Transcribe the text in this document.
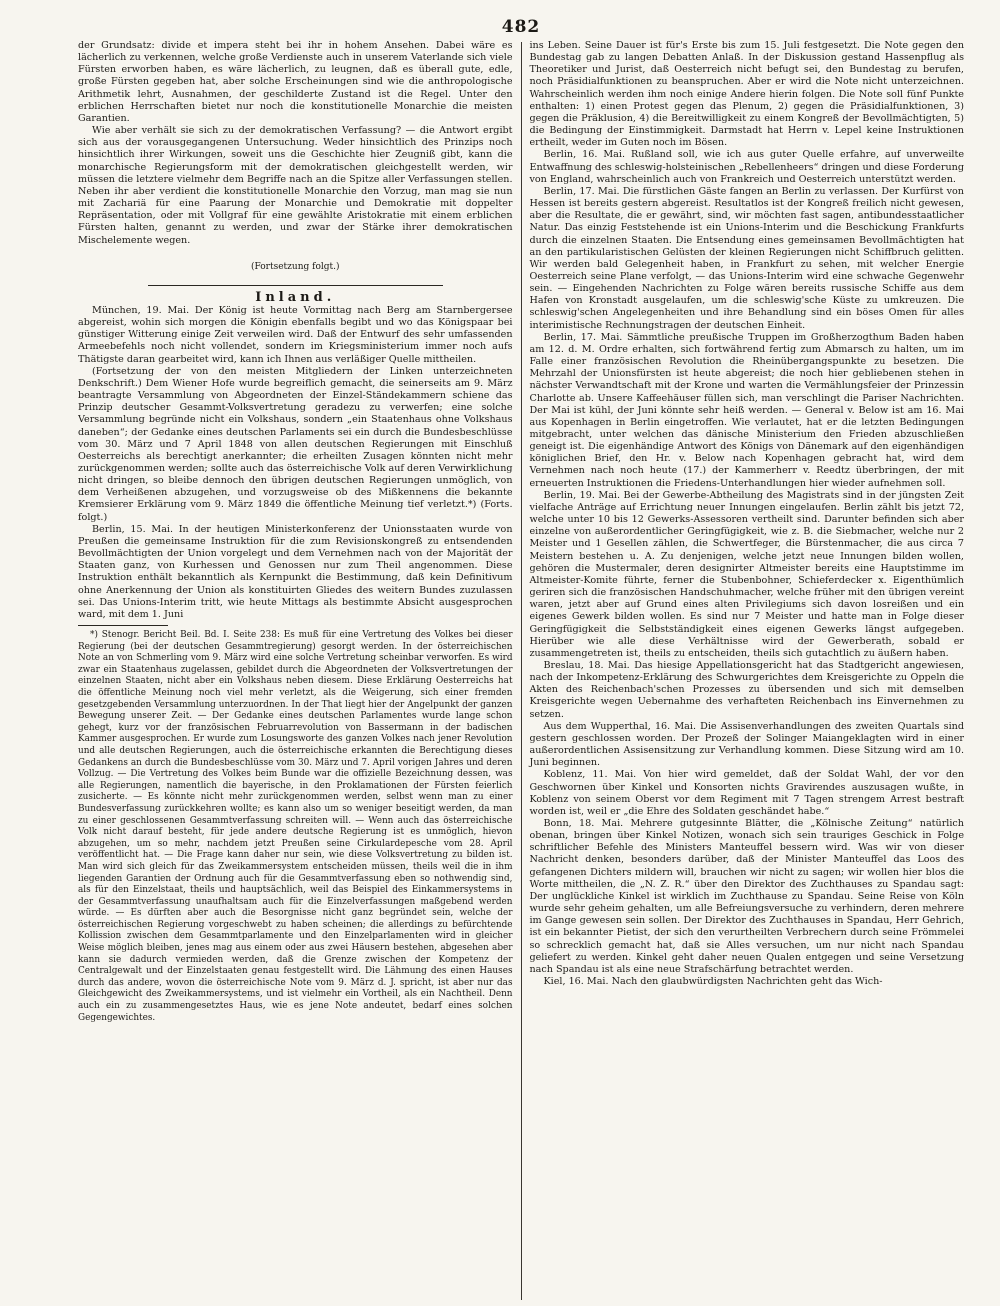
482

der Grundsatz: divide et impera steht bei ihr in hohem Ansehen. Dabei wäre es lächerlich zu verkennen, welche große Verdienste auch in unserem Vaterlande sich viele Fürsten erworben haben, es wäre lächerlich, zu leugnen, daß es überall gute, edle, große Fürsten gegeben hat, aber solche Erscheinungen sind wie die anthropologische Arithmetik lehrt, Ausnahmen, der geschilderte Zustand ist die Regel. Unter den erblichen Herrschaften bietet nur noch die konstitutionelle Monarchie die meisten Garantien.

Wie aber verhält sie sich zu der demokratischen Verfassung? — die Antwort ergibt sich aus der vorausgegangenen Untersuchung. Weder hinsichtlich des Prinzips noch hinsichtlich ihrer Wirkungen, soweit uns die Geschichte hier Zeugniß gibt, kann die monarchische Regierungsform mit der demokratischen gleichgestellt werden, wir müssen die letztere vielmehr dem Begriffe nach an die Spitze aller Verfassungen stellen. Neben ihr aber verdient die konstitutionelle Monarchie den Vorzug, man mag sie nun mit Zachariä für eine Paarung der Monarchie und Demokratie mit doppelter Repräsentation, oder mit Vollgraf für eine gewählte Aristokratie mit einem erblichen Fürsten halten, genannt zu werden, und zwar der Stärke ihrer demokratischen Mischelemente wegen.

(Fortsetzung folgt.)

Inland.

München, 19. Mai. Der König ist heute Vormittag nach Berg am Starnbergersee abgereist, wohin sich morgen die Königin ebenfalls begibt und wo das Königspaar bei günstiger Witterung einige Zeit verweilen wird. Daß der Entwurf des sehr umfassenden Armeebefehls noch nicht vollendet, sondern im Kriegsministerium immer noch aufs Thätigste daran gearbeitet wird, kann ich Ihnen aus verläßiger Quelle mittheilen.

(Fortsetzung der von den meisten Mitgliedern der Linken unterzeichneten Denkschrift.) Dem Wiener Hofe wurde begreiflich gemacht, die seinerseits am 9. März beantragte Versammlung von Abgeordneten der Einzel-Ständekammern schiene das Prinzip deutscher Gesammt-Volksvertretung geradezu zu verwerfen; eine solche Versammlung begründe nicht ein Volkshaus, sondern „ein Staatenhaus ohne Volkshaus daneben“; der Gedanke eines deutschen Parlaments sei ein durch die Bundesbeschlüsse vom 30. März und 7 April 1848 von allen deutschen Regierungen mit Einschluß Oesterreichs als berechtigt anerkannter; die erheilten Zusagen könnten nicht mehr zurückgenommen werden; sollte auch das österreichische Volk auf deren Verwirklichung nicht dringen, so bleibe dennoch den übrigen deutschen Regierungen unmöglich, von dem Verheißenen abzugehen, und vorzugsweise ob des Mißkennens die bekannte Kremsierer Erklärung vom 9. März 1849 die öffentliche Meinung tief verletzt.*) (Forts. folgt.)

Berlin, 15. Mai. In der heutigen Ministerkonferenz der Unionsstaaten wurde von Preußen die gemeinsame Instruktion für die zum Revisionskongreß zu entsendenden Bevollmächtigten der Union vorgelegt und dem Vernehmen nach von der Majorität der Staaten ganz, von Kurhessen und Genossen nur zum Theil angenommen. Diese Instruktion enthält bekanntlich als Kernpunkt die Bestimmung, daß kein Definitivum ohne Anerkennung der Union als konstituirten Gliedes des weitern Bundes zuzulassen sei. Das Unions-Interim tritt, wie heute Mittags als bestimmte Absicht ausgesprochen ward, mit dem 1. Juni

*) Stenogr. Bericht Beil. Bd. I. Seite 238: Es muß für eine Vertretung des Volkes bei dieser Regierung (bei der deutschen Gesammtregierung) gesorgt werden. In der österreichischen Note an von Schmerling vom 9. März wird eine solche Vertretung scheinbar verworfen. Es wird zwar ein Staatenhaus zugelassen, gebildet durch die Abgeordneten der Volksvertretungen der einzelnen Staaten, nicht aber ein Volkshaus neben diesem. Diese Erklärung Oesterreichs hat die öffentliche Meinung noch viel mehr verletzt, als die Weigerung, sich einer fremden gesetzgebenden Versammlung unterzuordnen. In der That liegt hier der Angelpunkt der ganzen Bewegung unserer Zeit. — Der Gedanke eines deutschen Parlamentes wurde lange schon gehegt, kurz vor der französischen Februarrevolution von Bassermann in der badischen Kammer ausgesprochen. Er wurde zum Losungsworte des ganzen Volkes nach jener Revolution und alle deutschen Regierungen, auch die österreichische erkannten die Berechtigung dieses Gedankens an durch die Bundesbeschlüsse vom 30. März und 7. April vorigen Jahres und deren Vollzug. — Die Vertretung des Volkes beim Bunde war die offizielle Bezeichnung dessen, was alle Regierungen, namentlich die bayerische, in den Proklamationen der Fürsten feierlich zusicherte. — Es könnte nicht mehr zurückgenommen werden, selbst wenn man zu einer Bundesverfassung zurückkehren wollte; es kann also um so weniger beseitigt werden, da man zu einer geschlossenen Gesammtverfassung schreiten will. — Wenn auch das österreichische Volk nicht darauf besteht, für jede andere deutsche Regierung ist es unmöglich, hievon abzugehen, um so mehr, nachdem jetzt Preußen seine Cirkulardepesche vom 28. April veröffentlicht hat. — Die Frage kann daher nur sein, wie diese Volksvertretung zu bilden ist. Man wird sich gleich für das Zweikammersystem entscheiden müssen, theils weil die in ihm liegenden Garantien der Ordnung auch für die Gesammtverfassung eben so nothwendig sind, als für den Einzelstaat, theils und hauptsächlich, weil das Beispiel des Einkammersystems in der Gesammtverfassung unaufhaltsam auch für die Einzelverfassungen maßgebend werden würde. — Es dürften aber auch die Besorgnisse nicht ganz begründet sein, welche der österreichischen Regierung vorgeschwebt zu haben scheinen; die allerdings zu befürchtende Kollission zwischen dem Gesammtparlamente und den Einzelparlamenten wird in gleicher Weise möglich bleiben, jenes mag aus einem oder aus zwei Häusern bestehen, abgesehen aber kann sie dadurch vermieden werden, daß die Grenze zwischen der Kompetenz der Centralgewalt und der Einzelstaaten genau festgestellt wird. Die Lähmung des einen Hauses durch das andere, wovon die österreichische Note vom 9. März d. J. spricht, ist aber nur das Gleichgewicht des Zweikammersystems, und ist vielmehr ein Vortheil, als ein Nachtheil. Denn auch ein zu zusammengesetztes Haus, wie es jene Note andeutet, bedarf eines solchen Gegengewichtes.

ins Leben. Seine Dauer ist für's Erste bis zum 15. Juli festgesetzt. Die Note gegen den Bundestag gab zu langen Debatten Anlaß. In der Diskussion gestand Hassenpflug als Theoretiker und Jurist, daß Oesterreich nicht befugt sei, den Bundestag zu berufen, noch Präsidialfunktionen zu beanspruchen. Aber er wird die Note nicht unterzeichnen. Wahrscheinlich werden ihm noch einige Andere hierin folgen. Die Note soll fünf Punkte enthalten: 1) einen Protest gegen das Plenum, 2) gegen die Präsidialfunktionen, 3) gegen die Präklusion, 4) die Bereitwilligkeit zu einem Kongreß der Bevollmächtigten, 5) die Bedingung der Einstimmigkeit. Darmstadt hat Herrn v. Lepel keine Instruktionen ertheilt, weder im Guten noch im Bösen.

Berlin, 16. Mai. Rußland soll, wie ich aus guter Quelle erfahre, auf unverweilte Entwaffnung des schleswig-holsteinischen „Rebellenheers“ dringen und diese Forderung von England, wahrscheinlich auch von Frankreich und Oesterreich unterstützt werden.

Berlin, 17. Mai. Die fürstlichen Gäste fangen an Berlin zu verlassen. Der Kurfürst von Hessen ist bereits gestern abgereist. Resultatlos ist der Kongreß freilich nicht gewesen, aber die Resultate, die er gewährt, sind, wir möchten fast sagen, antibundesstaatlicher Natur. Das einzig Feststehende ist ein Unions-Interim und die Beschickung Frankfurts durch die einzelnen Staaten. Die Entsendung eines gemeinsamen Bevollmächtigten hat an den partikularistischen Gelüsten der kleinen Regierungen nicht Schiffbruch gelitten. Wir werden bald Gelegenheit haben, in Frankfurt zu sehen, mit welcher Energie Oesterreich seine Plane verfolgt, — das Unions-Interim wird eine schwache Gegenwehr sein. — Eingehenden Nachrichten zu Folge wären bereits russische Schiffe aus dem Hafen von Kronstadt ausgelaufen, um die schleswig'sche Küste zu umkreuzen. Die schleswig'schen Angelegenheiten und ihre Behandlung sind ein böses Omen für alles interimistische Rechnungstragen der deutschen Einheit.

Berlin, 17. Mai. Sämmtliche preußische Truppen im Großherzogthum Baden haben am 12. d. M. Ordre erhalten, sich fortwährend fertig zum Abmarsch zu halten, um im Falle einer französischen Revolution die Rheinübergangspunkte zu besetzen. Die Mehrzahl der Unionsfürsten ist heute abgereist; die noch hier gebliebenen stehen in nächster Verwandtschaft mit der Krone und warten die Vermählungsfeier der Prinzessin Charlotte ab. Unsere Kaffeehäuser füllen sich, man verschlingt die Pariser Nachrichten. Der Mai ist kühl, der Juni könnte sehr heiß werden. — General v. Below ist am 16. Mai aus Kopenhagen in Berlin eingetroffen. Wie verlautet, hat er die letzten Bedingungen mitgebracht, unter welchen das dänische Ministerium den Frieden abzuschließen geneigt ist. Die eigenhändige Antwort des Königs von Dänemark auf den eigenhändigen königlichen Brief, den Hr. v. Below nach Kopenhagen gebracht hat, wird dem Vernehmen nach noch heute (17.) der Kammerherr v. Reedtz überbringen, der mit erneuerten Instruktionen die Friedens-Unterhandlungen hier wieder aufnehmen soll.

Berlin, 19. Mai. Bei der Gewerbe-Abtheilung des Magistrats sind in der jüngsten Zeit vielfache Anträge auf Errichtung neuer Innungen eingelaufen. Berlin zählt bis jetzt 72, welche unter 10 bis 12 Gewerks-Assessoren vertheilt sind. Darunter befinden sich aber einzelne von außerordentlicher Geringfügigkeit, wie z. B. die Siebmacher, welche nur 2 Meister und 1 Gesellen zählen, die Schwertfeger, die Bürstenmacher, die aus circa 7 Meistern bestehen u. A. Zu denjenigen, welche jetzt neue Innungen bilden wollen, gehören die Mustermaler, deren designirter Altmeister bereits eine Hauptstimme im Altmeister-Komite führte, ferner die Stubenbohner, Schieferdecker x. Eigenthümlich geriren sich die französischen Handschuhmacher, welche früher mit den übrigen vereint waren, jetzt aber auf Grund eines alten Privilegiums sich davon losreißen und ein eigenes Gewerk bilden wollen. Es sind nur 7 Meister und hatte man in Folge dieser Geringfügigkeit die Selbstständigkeit eines eigenen Gewerks längst aufgegeben. Hierüber wie alle diese Verhältnisse wird der Gewerberath, sobald er zusammengetreten ist, theils zu entscheiden, theils sich gutachtlich zu äußern haben.

Breslau, 18. Mai. Das hiesige Appellationsgericht hat das Stadtgericht angewiesen, nach der Inkompetenz-Erklärung des Schwurgerichtes dem Kreisgerichte zu Oppeln die Akten des Reichenbach'schen Prozesses zu übersenden und sich mit demselben Kreisgerichte wegen Uebernahme des verhafteten Reichenbach ins Einvernehmen zu setzen.

Aus dem Wupperthal, 16. Mai. Die Assisenverhandlungen des zweiten Quartals sind gestern geschlossen worden. Der Prozeß der Solinger Maiangeklagten wird in einer außerordentlichen Assisensitzung zur Verhandlung kommen. Diese Sitzung wird am 10. Juni beginnen.

Koblenz, 11. Mai. Von hier wird gemeldet, daß der Soldat Wahl, der vor den Geschwornen über Kinkel und Konsorten nichts Gravirendes auszusagen wußte, in Koblenz von seinem Oberst vor dem Regiment mit 7 Tagen strengem Arrest bestraft worden ist, weil er „die Ehre des Soldaten geschändet habe.“

Bonn, 18. Mai. Mehrere gutgesinnte Blätter, die „Kölnische Zeitung“ natürlich obenan, bringen über Kinkel Notizen, wonach sich sein trauriges Geschick in Folge schriftlicher Befehle des Ministers Manteuffel bessern wird. Was wir von dieser Nachricht denken, besonders darüber, daß der Minister Manteuffel das Loos des gefangenen Dichters mildern will, brauchen wir nicht zu sagen; wir wollen hier blos die Worte mittheilen, die „N. Z. R.“ über den Direktor des Zuchthauses zu Spandau sagt: Der unglückliche Kinkel ist wirklich im Zuchthause zu Spandau. Seine Reise von Köln wurde sehr geheim gehalten, um alle Befreiungsversuche zu verhindern, deren mehrere im Gange gewesen sein sollen. Der Direktor des Zuchthauses in Spandau, Herr Gehrich, ist ein bekannter Pietist, der sich den verurtheilten Verbrechern durch seine Frömmelei so schrecklich gemacht hat, daß sie Alles versuchen, um nur nicht nach Spandau geliefert zu werden. Kinkel geht daher neuen Qualen entgegen und seine Versetzung nach Spandau ist als eine neue Strafschärfung betrachtet werden.

Kiel, 16. Mai. Nach den glaubwürdigsten Nachrichten geht das Wich-
